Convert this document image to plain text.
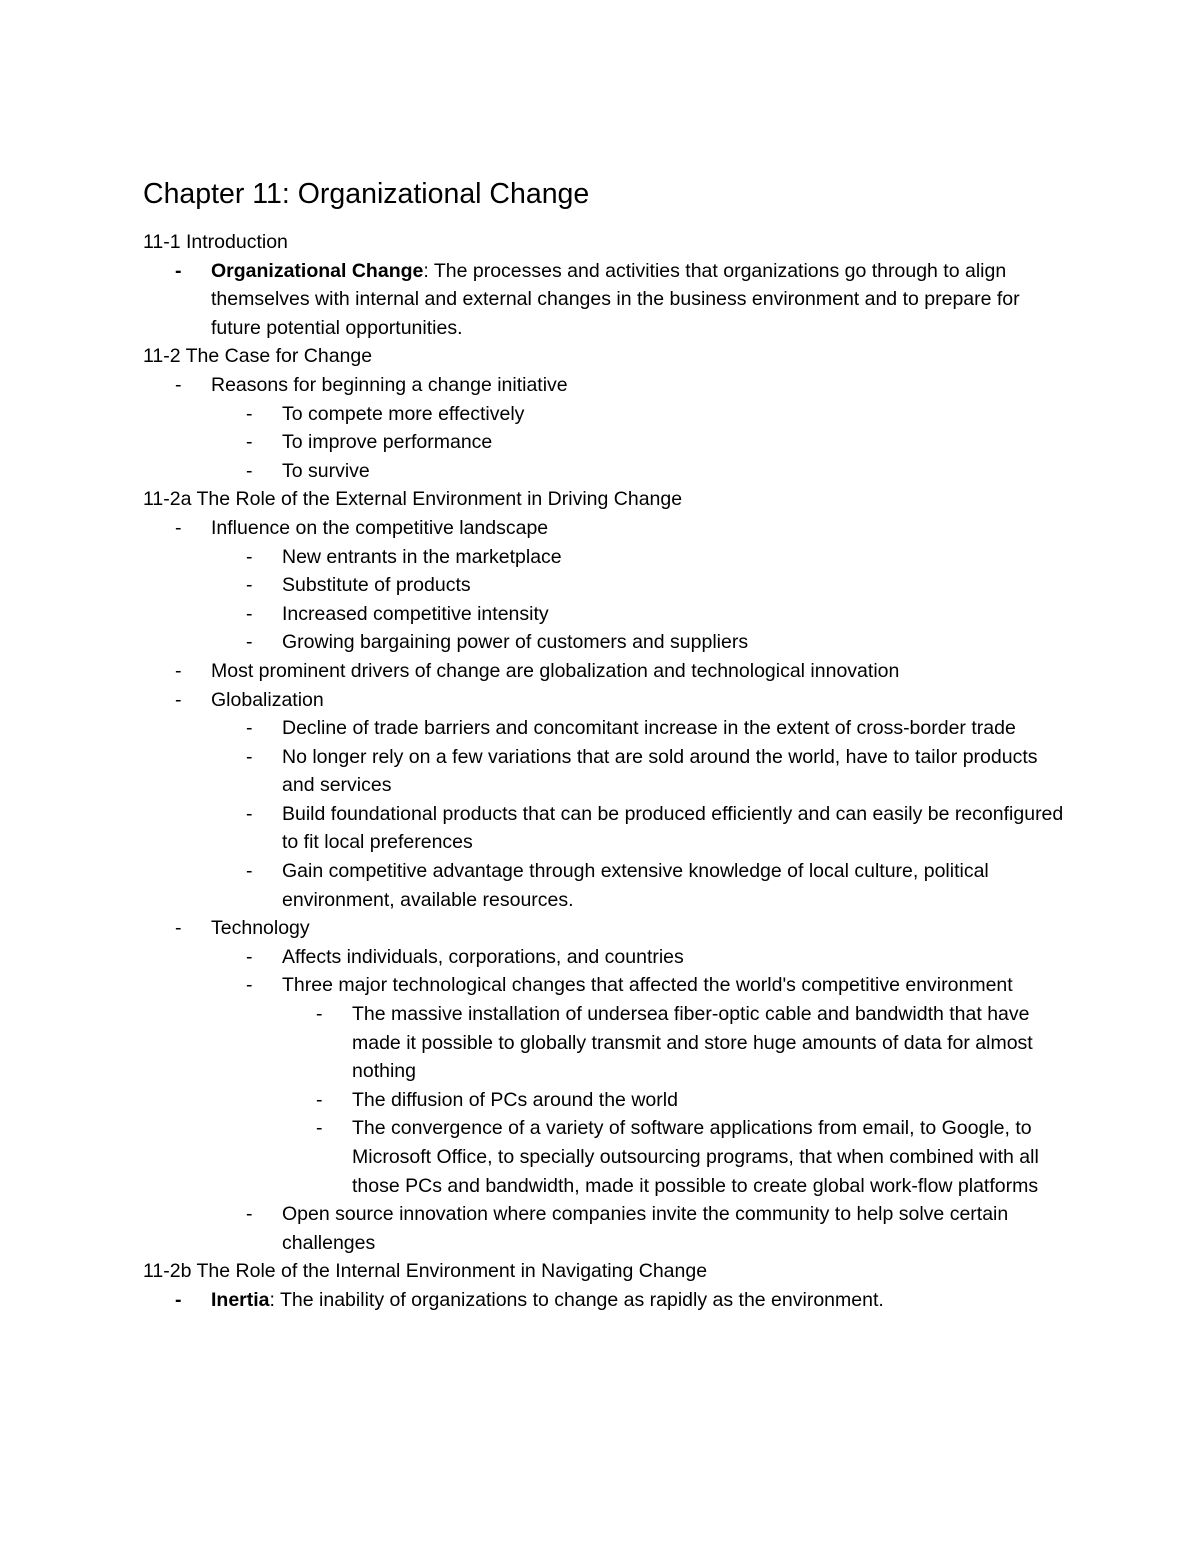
Chapter 11: Organizational Change
11-1 Introduction
- Organizational Change: The processes and activities that organizations go through to align themselves with internal and external changes in the business environment and to prepare for future potential opportunities.
11-2 The Case for Change
- Reasons for beginning a change initiative
- To compete more effectively
- To improve performance
- To survive
11-2a The Role of the External Environment in Driving Change
- Influence on the competitive landscape
- New entrants in the marketplace
- Substitute of products
- Increased competitive intensity
- Growing bargaining power of customers and suppliers
- Most prominent drivers of change are globalization and technological innovation
- Globalization
- Decline of trade barriers and concomitant increase in the extent of cross-border trade
- No longer rely on a few variations that are sold around the world, have to tailor products and services
- Build foundational products that can be produced efficiently and can easily be reconfigured to fit local preferences
- Gain competitive advantage through extensive knowledge of local culture, political environment, available resources.
- Technology
- Affects individuals, corporations, and countries
- Three major technological changes that affected the world's competitive environment
- The massive installation of undersea fiber-optic cable and bandwidth that have made it possible to globally transmit and store huge amounts of data for almost nothing
- The diffusion of PCs around the world
- The convergence of a variety of software applications from email, to Google, to Microsoft Office, to specially outsourcing programs, that when combined with all those PCs and bandwidth, made it possible to create global work-flow platforms
- Open source innovation where companies invite the community to help solve certain challenges
11-2b The Role of the Internal Environment in Navigating Change
- Inertia: The inability of organizations to change as rapidly as the environment.
